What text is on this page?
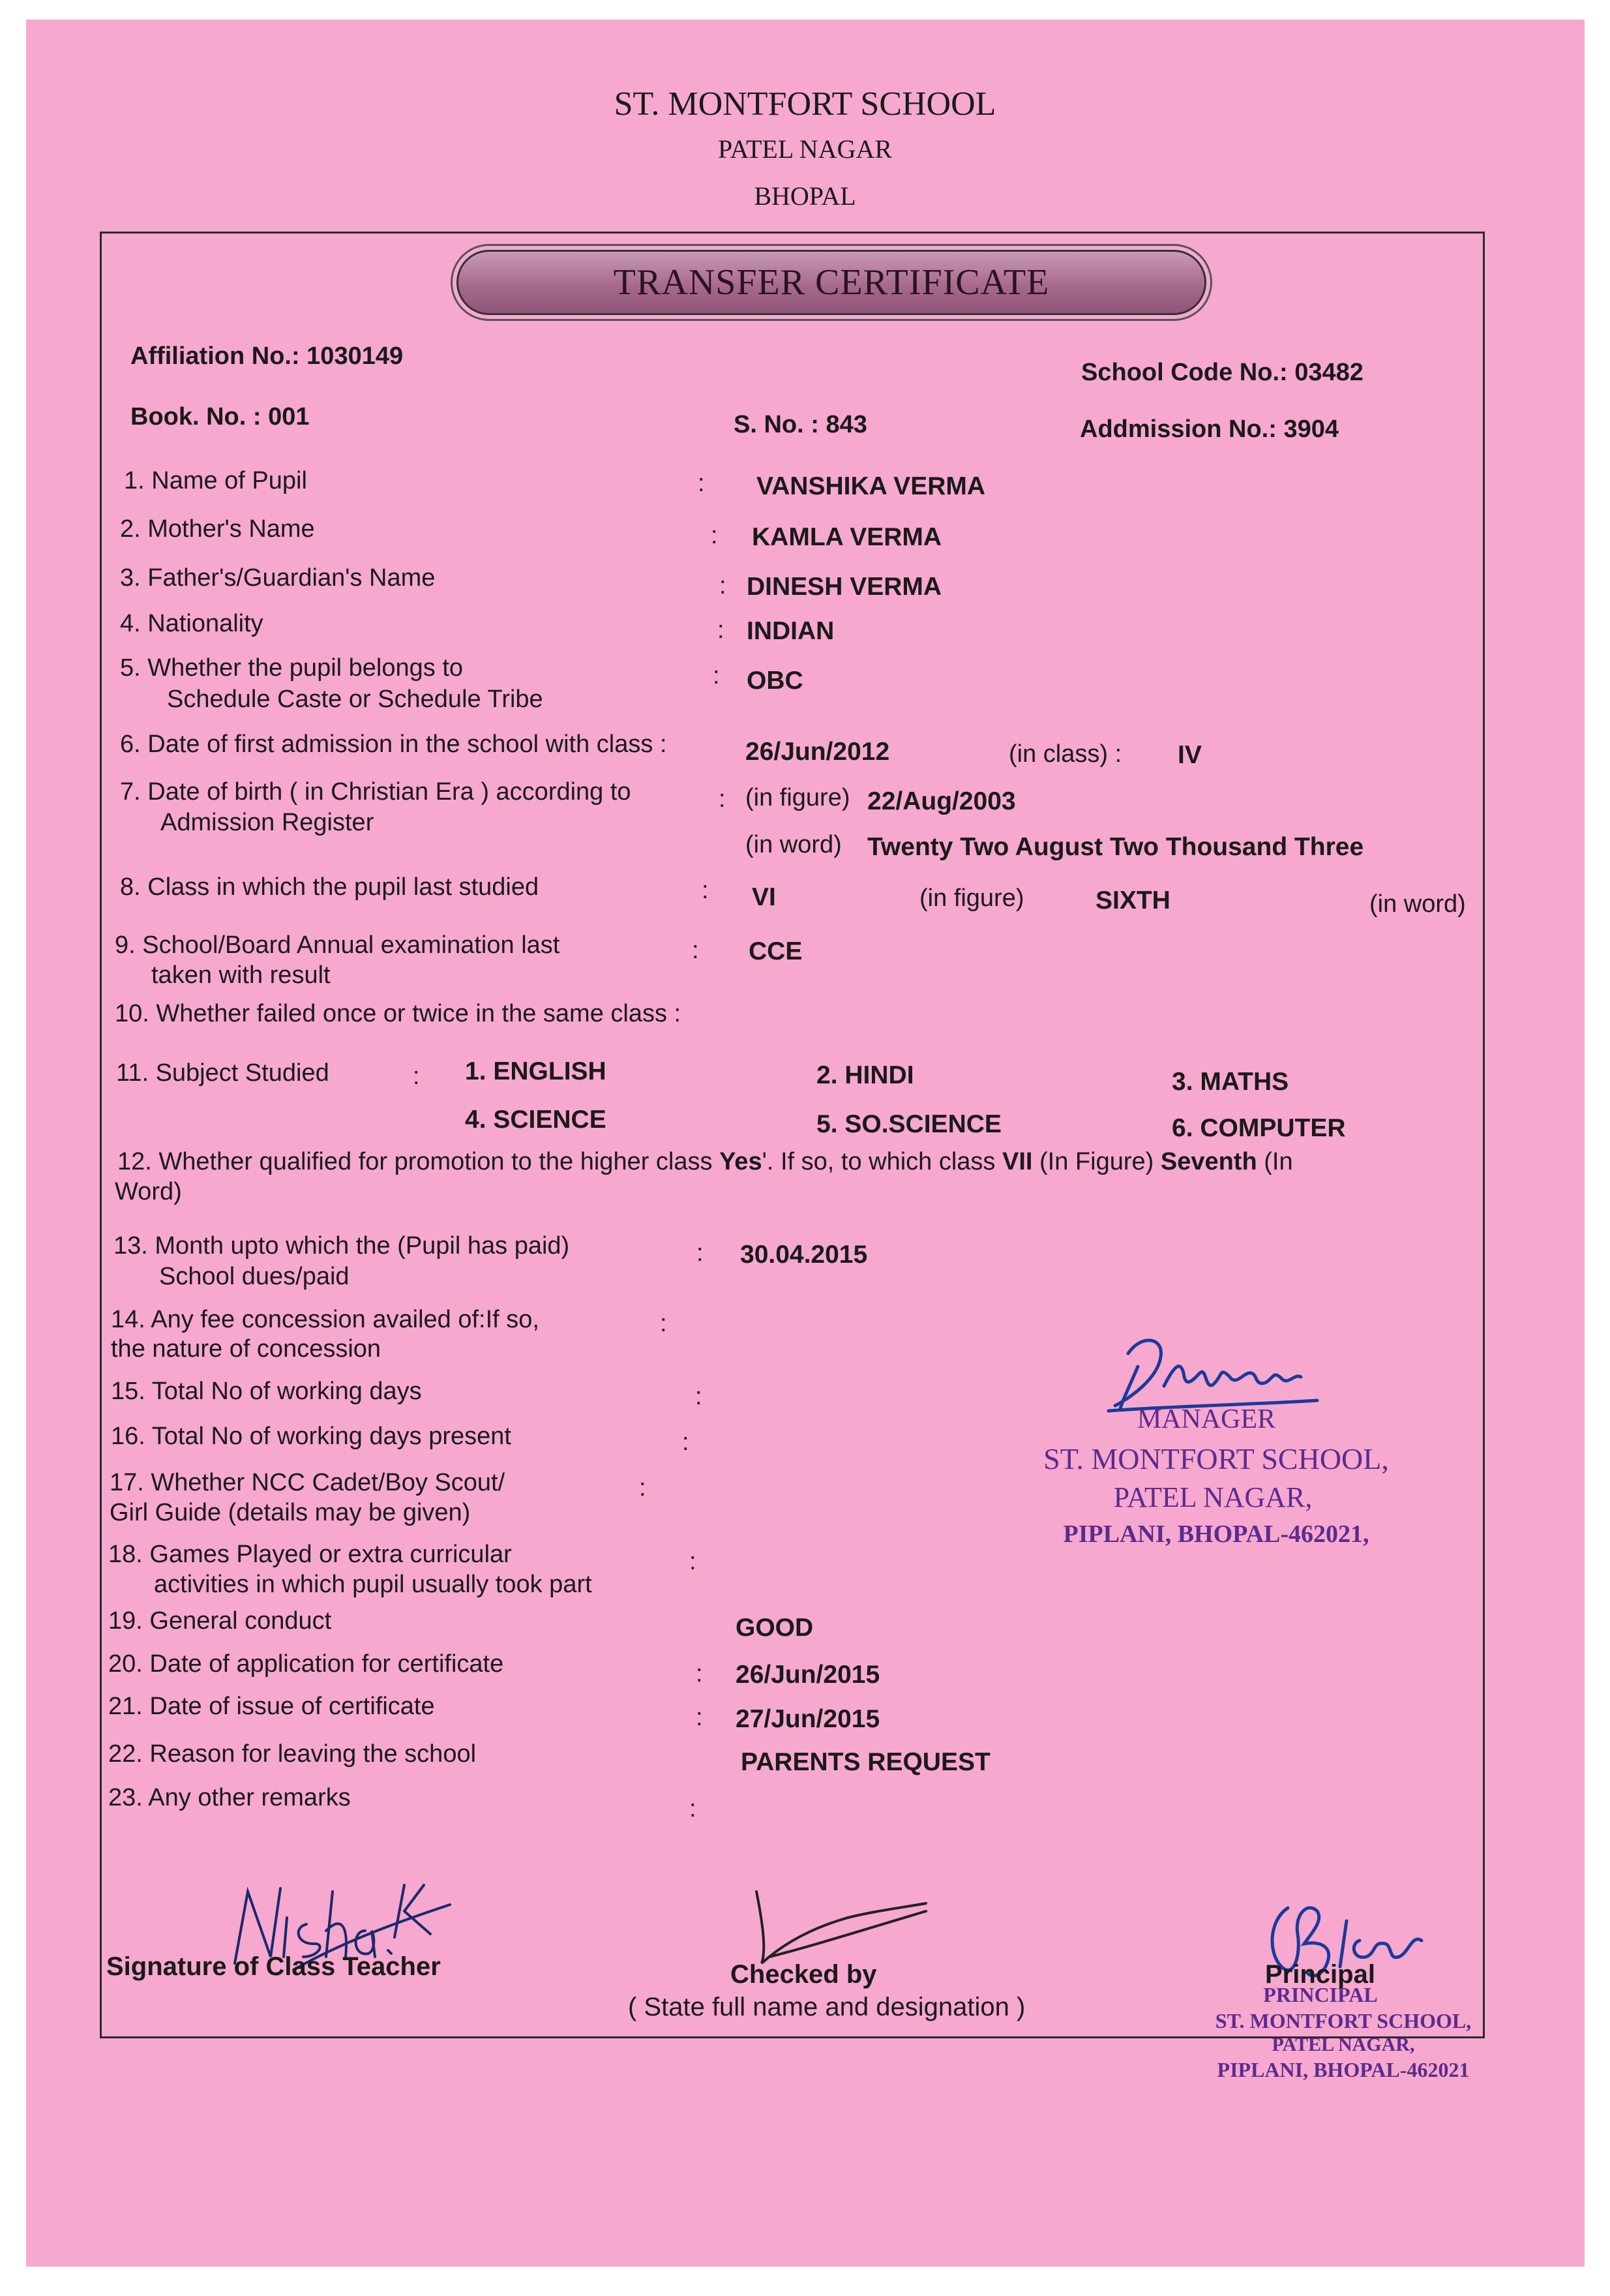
ST. MONTFORT SCHOOL
PATEL NAGAR
BHOPAL
TRANSFER CERTIFICATE
Affiliation No.: 1030149
School Code No.: 03482
Book. No. : 001	S. No. : 843	Addmission No.: 3904
1. Name of Pupil	: VANSHIKA VERMA
2. Mother's Name	: KAMLA VERMA
3. Father's/Guardian's Name	: DINESH VERMA
4. Nationality	: INDIAN
5. Whether the pupil belongs to
Schedule Caste or Schedule Tribe
: OBC
6. Date of first admission in the school with class :	26/Jun/2012	(in class) : IV
7. Date of birth ( in Christian Era ) according to
Admission Register
: (in figure) 22/Aug/2003
(in word) Twenty Two August Two Thousand Three
8. Class in which the pupil last studied	: VI	(in figure)	SIXTH	(in word)
9. School/Board Annual examination last
taken with result
: CCE
10. Whether failed once or twice in the same class :
11. Subject Studied	: 1. ENGLISH	2. HINDI	3. MATHS
4. SCIENCE	5. SO.SCIENCE	6. COMPUTER
12. Whether qualified for promotion to the higher class Yes'. If so, to which class VII (In Figure) Seventh (In
Word)
13. Month upto which the (Pupil has paid)
School dues/paid
: 30.04.2015
14. Any fee concession availed of:If so,
the nature of concession
:
15. Total No of working days	:
16. Total No of working days present	:
17. Whether NCC Cadet/Boy Scout/
Girl Guide (details may be given)
:
18. Games Played or extra curricular
activities in which pupil usually took part
:
19. General conduct	GOOD
20. Date of application for certificate	: 26/Jun/2015
21. Date of issue of certificate	: 27/Jun/2015
22. Reason for leaving the school	PARENTS REQUEST
23. Any other remarks	:
MANAGER
ST. MONTFORT SCHOOL,
PATEL NAGAR,
PIPLANI, BHOPAL-462021,
Signature of Class Teacher	Checked by
( State full name and designation )
Principal
PRINCIPAL
ST. MONTFORT SCHOOL,
PATEL NAGAR,
PIPLANI, BHOPAL-462021
